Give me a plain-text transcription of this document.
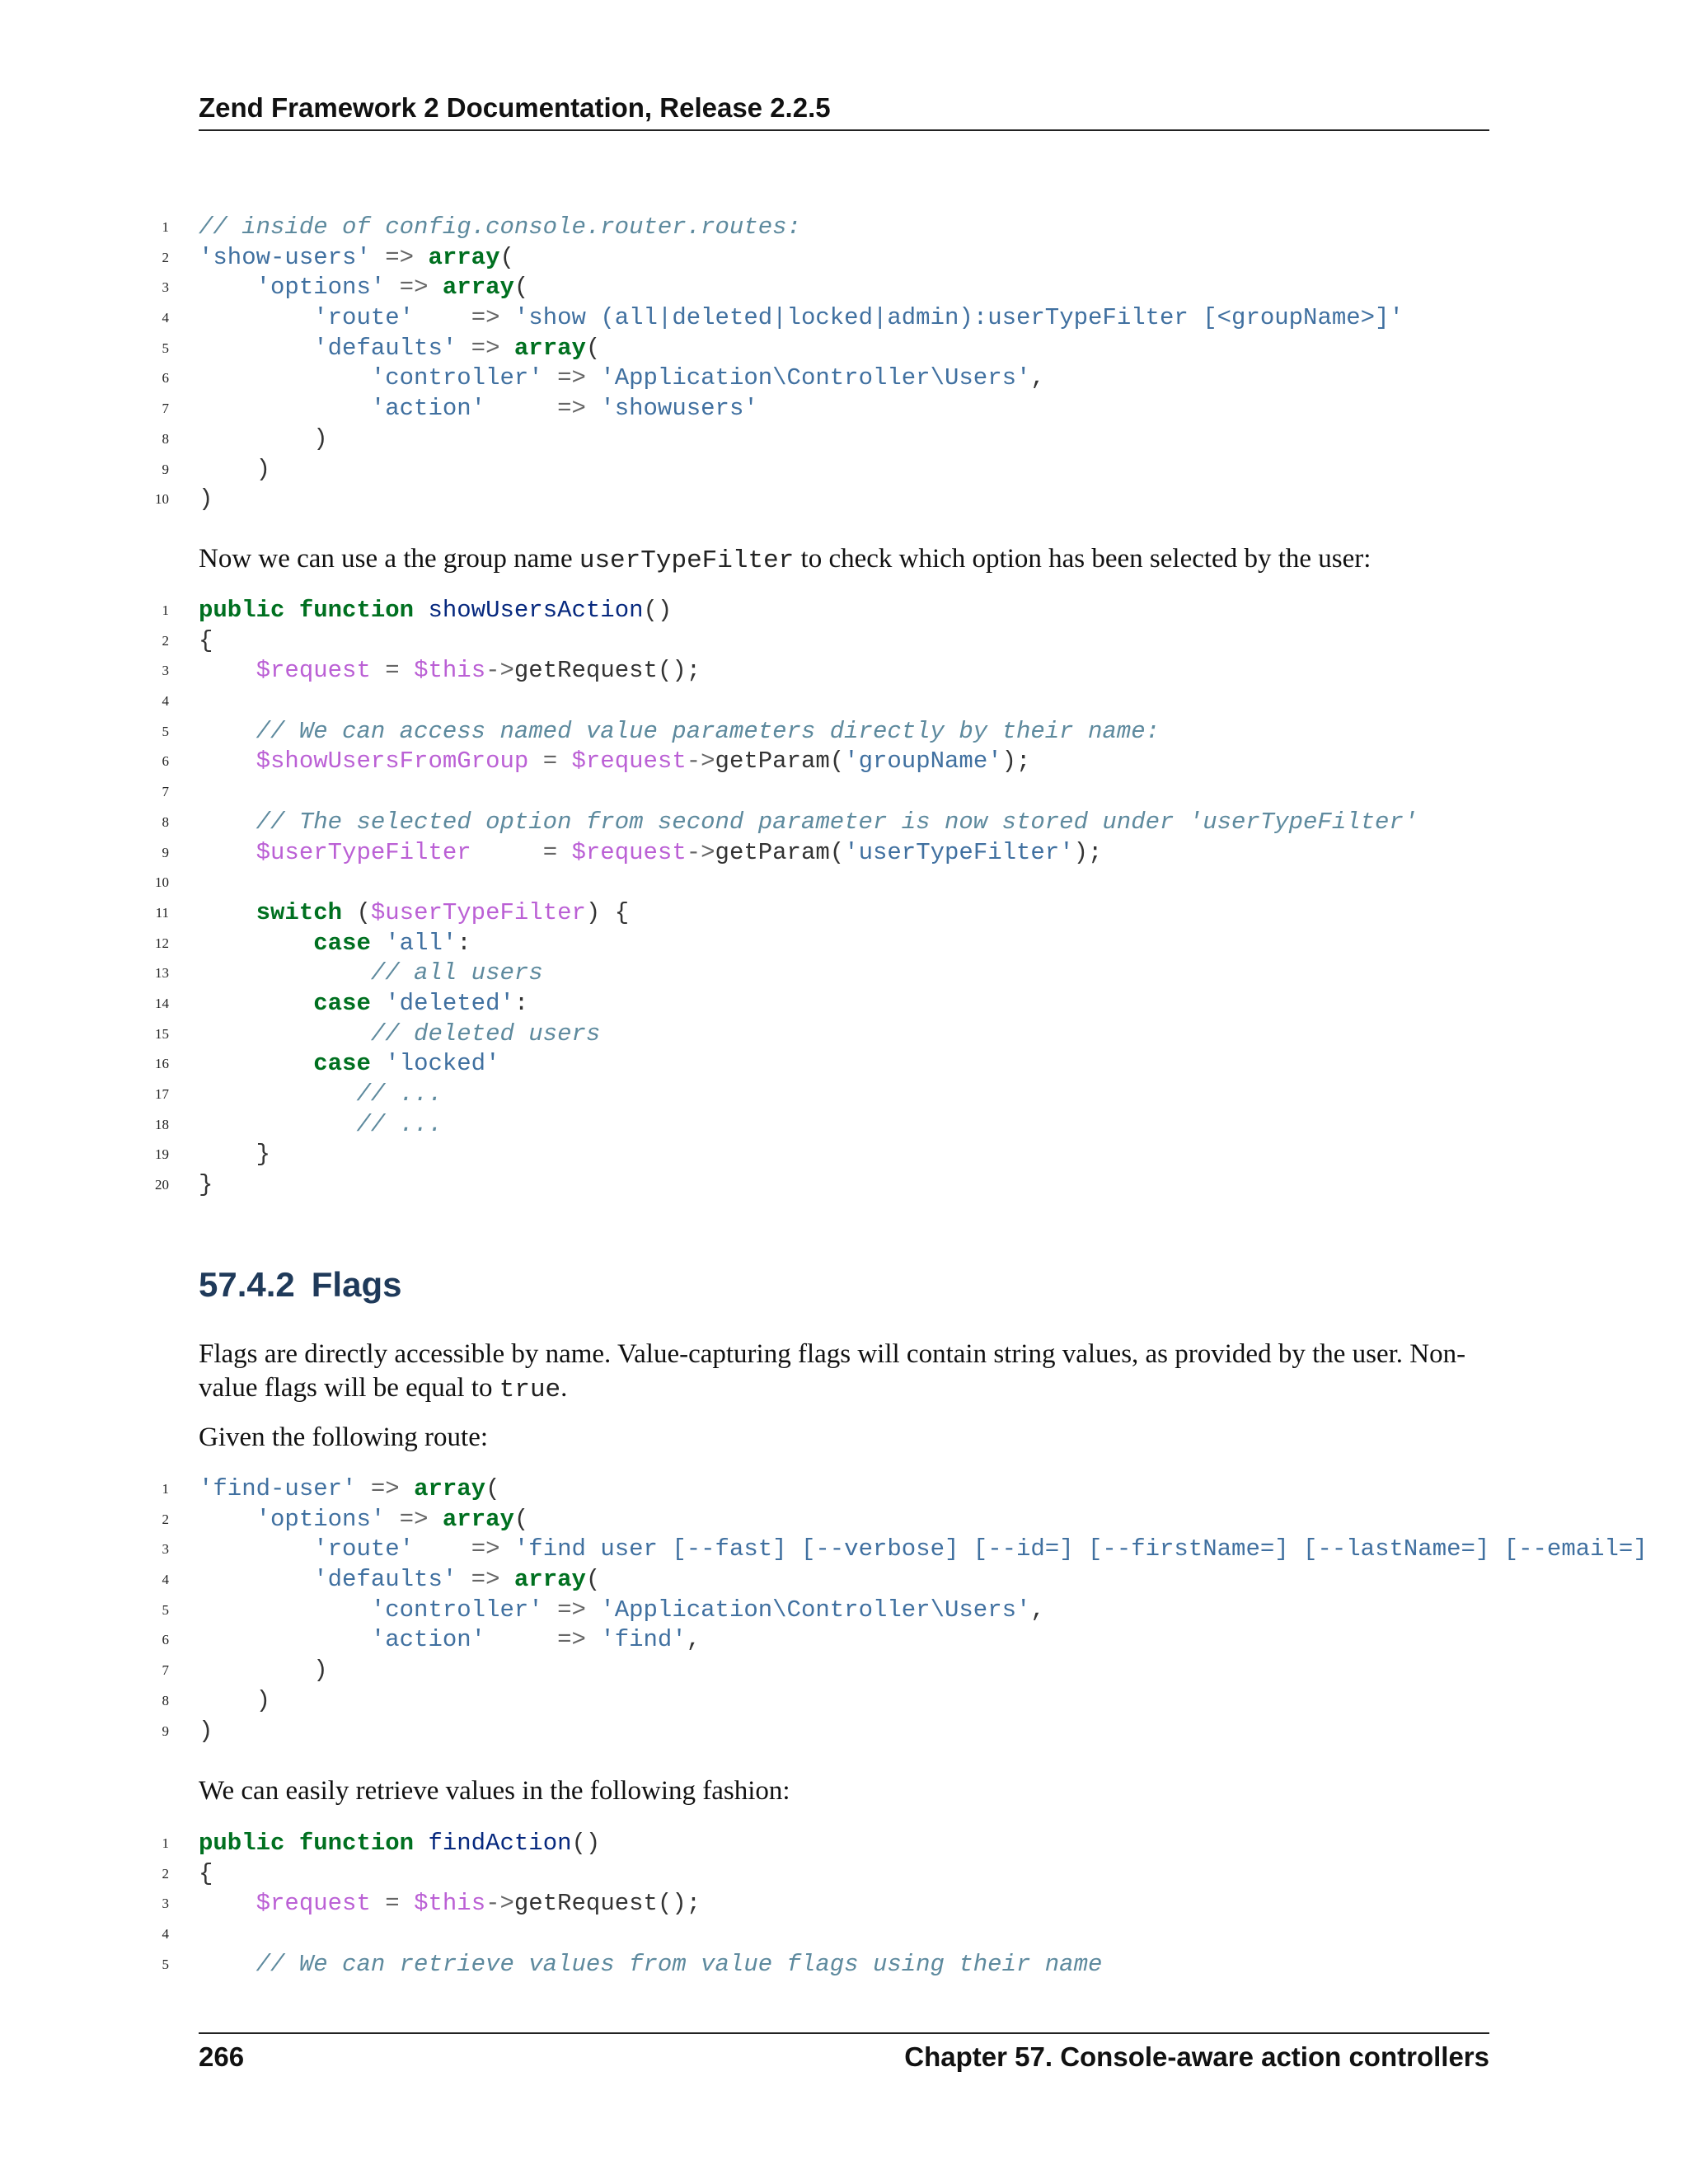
Zend Framework 2 Documentation, Release 2.2.5
1 // inside of config.console.router.routes:
2 'show-users' => array(
3	'options' => array(
4	'route' => 'show (all|deleted|locked|admin):userTypeFilter [<groupName>]'
5	'defaults' => array(
6	'controller' => 'Application\Controller\Users',
7	'action'	=> 'showusers'
8 )
9 )
10 )
Now we can use a the group name userTypeFilter to check which option has been selected by the user:
1 public function showUsersAction()
2 {
3	$request = $this->getRequest();
4
5	// We can access named value parameters directly by their name:
6	$showUsersFromGroup = $request->getParam('groupName');
7
8	// The selected option from second parameter is now stored under 'userTypeFilter'
9	$userTypeFilter	= $request->getParam('userTypeFilter');
10
11	switch ($userTypeFilter) {
12	case 'all':
13	// all users
14	case 'deleted':
15	// deleted users
16	case 'locked'
17	// ...
18	// ...
19 }
20 }
57.4.2 Flags
Flags are directly accessible by name. Value-capturing flags will contain string values, as provided by the user. Non-value flags will be equal to true.
Given the following route:
1 'find-user' => array(
2	'options' => array(
3	'route' => 'find user [--fast] [--verbose] [--id=] [--firstName=] [--lastName=] [--email=]
4	'defaults' => array(
5	'controller' => 'Application\Controller\Users',
6	'action'	=> 'find',
7 )
8 )
9 )
We can easily retrieve values in the following fashion:
1 public function findAction()
2 {
3	$request = $this->getRequest();
4
5	// We can retrieve values from value flags using their name
266	Chapter 57. Console-aware action controllers
